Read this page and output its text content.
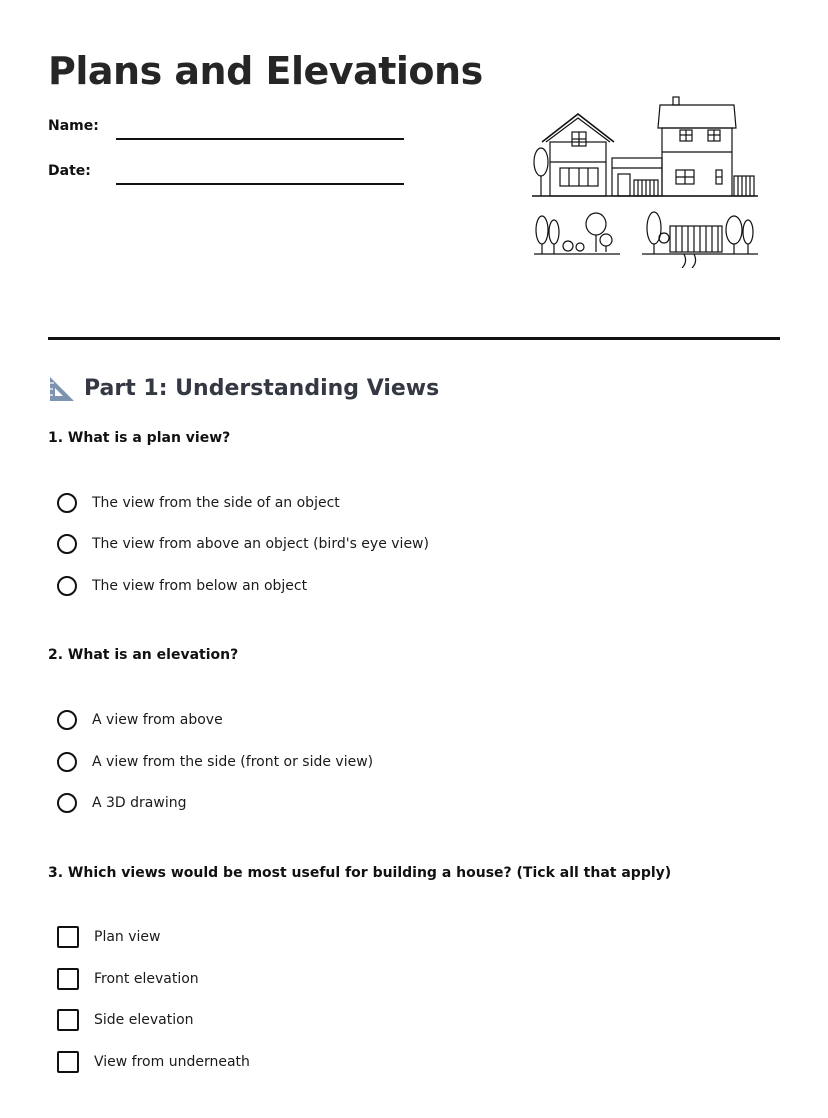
Plans and Elevations
Name:
Date:
Part 1: Understanding Views

1. What is a plan view?

The view from the side of an object
The view from above an object (bird's eye view)
The view from below an object

2. What is an elevation?

A view from above
A view from the side (front or side view)
A 3D drawing

3. Which views would be most useful for building a house? (Tick all that apply)

Plan view
Front elevation
Side elevation
View from underneath
